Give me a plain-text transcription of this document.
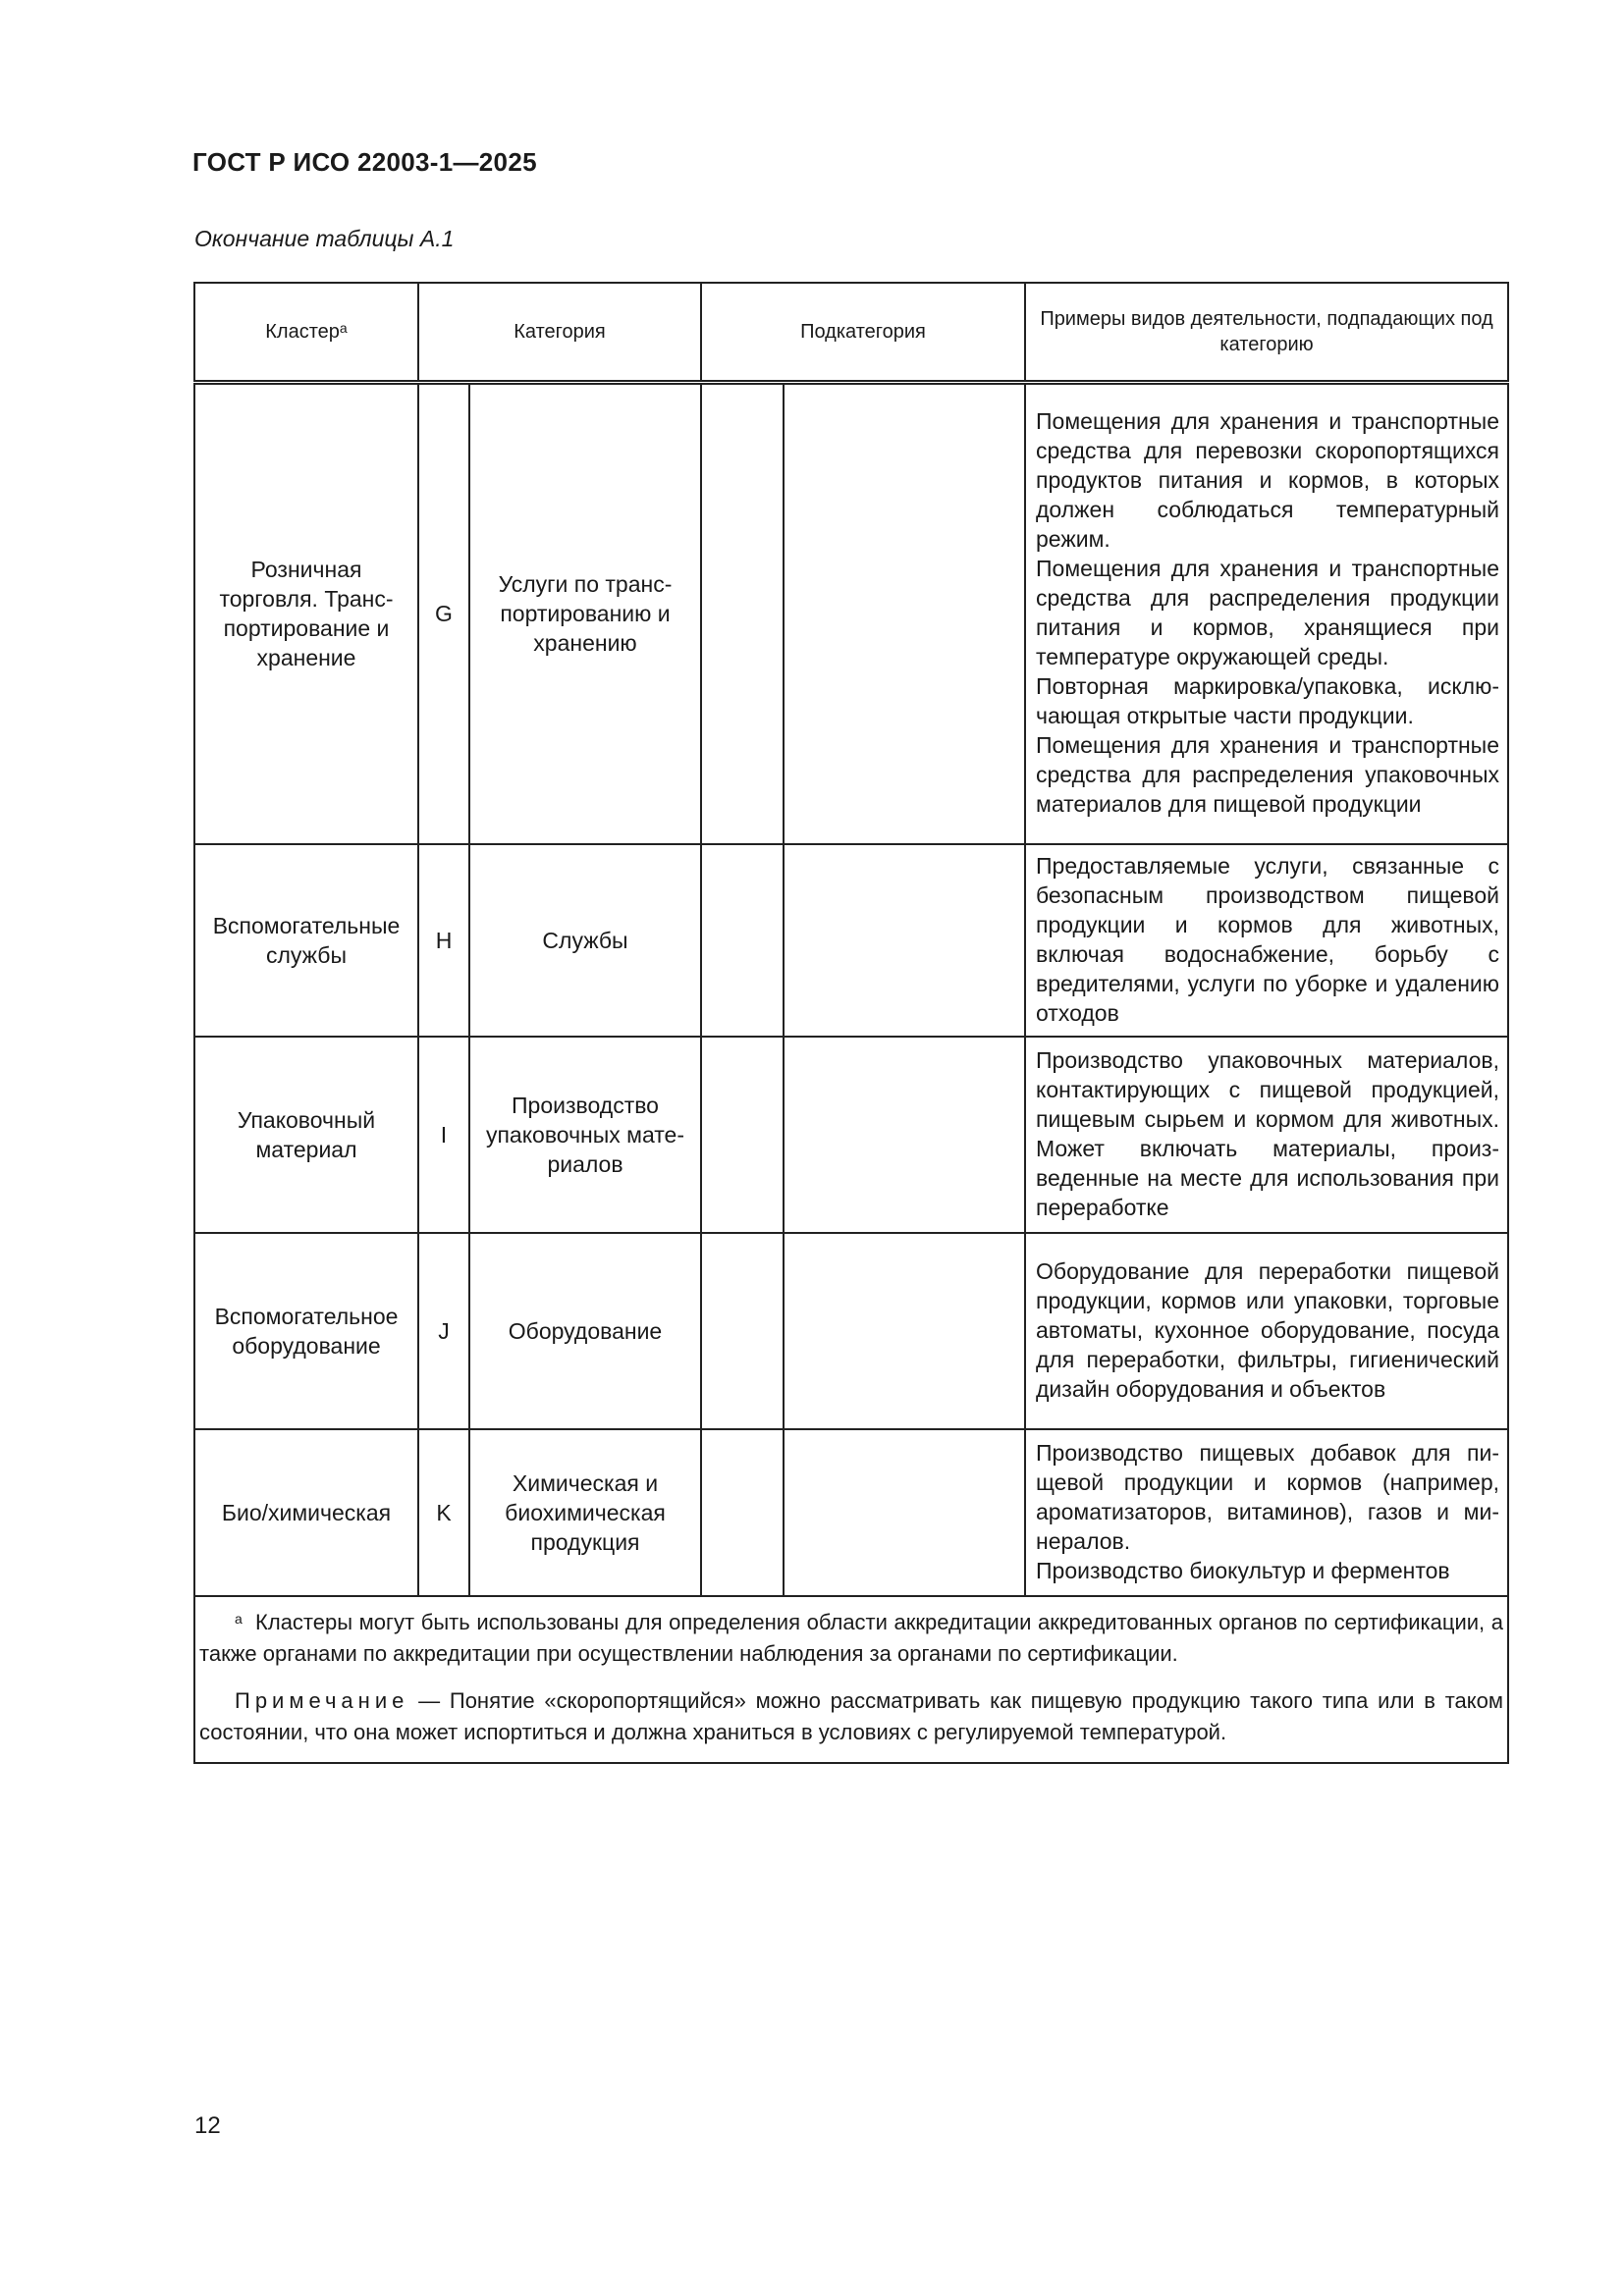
ГОСТ Р ИСО 22003-1—2025
Окончание таблицы А.1
Кластер$^а$	Категория		Подкатегория		Примеры видов деятельности, подпадающих под категорию
Розничная торговля. Транспортирование и хранение	G	Услуги по транспортированию и хранению			Помещения для хранения и транспортные средства для перевозки скоропортящихся продуктов питания и кормов, в которых должен соблюдаться температурный режим.
Помещения для хранения и транспортные средства для распределения продукции питания и кормов, хранящиеся при температуре окружающей среды.
Повторная маркировка/упаковка, исключающая открытые части продукции.
Помещения для хранения и транспортные средства для распределения упаковочных материалов для пищевой продукции

Вспомогательные службы	H	Службы			Предоставляемые услуги, связанные с безопасным производством пищевой продукции и кормов для животных, включая водоснабжение, борьбу с вредителями, услуги по уборке и удалению отходов

Упаковочный материал	I	Производство упаковочных материалов			Производство упаковочных материалов, контактирующих с пищевой продукцией, пищевым сырьем и кормом для животных. Может включать материалы, произведенные на месте для использования при переработке

Вспомогательное оборудование	J	Оборудование			Оборудование для переработки пищевой продукции, кормов или упаковки, торговые автоматы, кухонное оборудование, посуда для переработки, фильтры, гигиенический дизайн оборудования и объектов

Био/химическая	K	Химическая и биохимическая продукция			Производство пищевых добавок для пищевой продукции и кормов (например, ароматизаторов, витаминов), газов и минералов.
Производство биокультур и ферментов

$^а$ Кластеры могут быть использованы для определения области аккредитации аккредитованных органов по сертификации, а также органами по аккредитации при осуществлении наблюдения за органами по сертификации.
Примечание — Понятие «скоропортящийся» можно рассматривать как пищевую продукцию такого типа или в таком состоянии, что она может испортиться и должна храниться в условиях с регулируемой температурой.					
12
